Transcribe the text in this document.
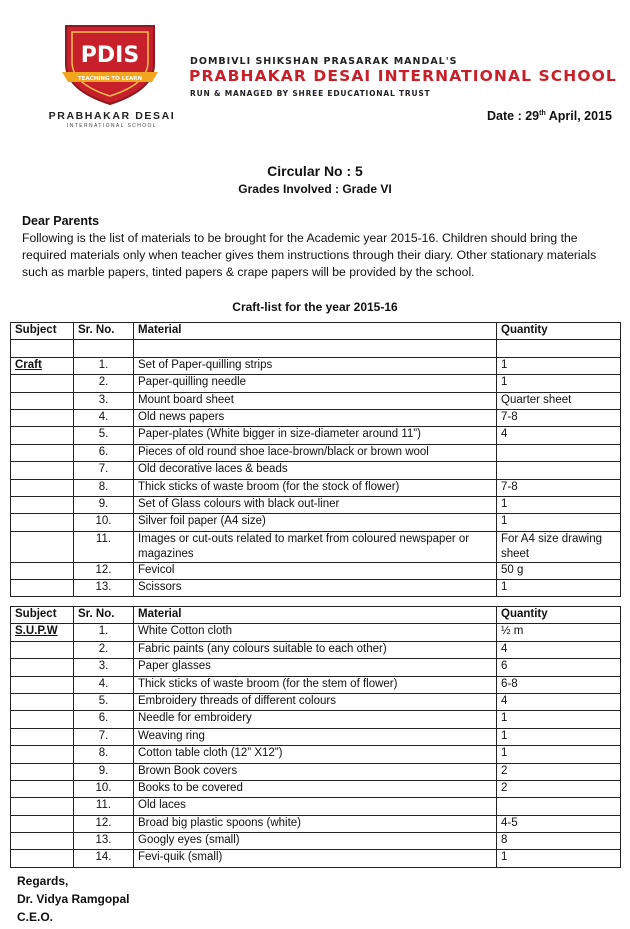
PDIS
TEACHING TO LEARN
PRABHAKAR DESAI
INTERNATIONAL SCHOOL
DOMBIVLI SHIKSHAN PRASARAK MANDAL'S
PRABHAKAR DESAI INTERNATIONAL SCHOOL
RUN & MANAGED BY SHREE EDUCATIONAL TRUST
Date : 29th April, 2015
Circular No : 5
Grades Involved : Grade VI
Dear Parents
Following is the list of materials to be brought for the Academic year 2015-16. Children should bring the required materials only when teacher gives them instructions through their diary. Other stationary materials such as marble papers, tinted papers & crape papers will be provided by the school.
Craft-list for the year 2015-16
Subject	Sr. No.	Material	Quantity

Craft	1.	Set of Paper-quilling strips	1
	2.	Paper-quilling needle	1
	3.	Mount board sheet	Quarter sheet
	4.	Old news papers	7-8
	5.	Paper-plates (White bigger in size-diameter around 11”)	4
	6.	Pieces of old round shoe lace-brown/black or brown wool	
	7.	Old decorative laces & beads	
	8.	Thick sticks of waste broom (for the stock of flower)	7-8
	9.	Set of Glass colours with black out-liner	1
	10.	Silver foil paper (A4 size)	1
	11.	Images or cut-outs related to market from coloured newspaper or magazines	For A4 size drawing sheet
	12.	Fevicol	50 g
	13.	Scissors	1
Subject	Sr. No.	Material	Quantity
S.U.P.W	1.	White Cotton cloth	½ m
	2.	Fabric paints (any colours suitable to each other)	4
	3.	Paper glasses	6
	4.	Thick sticks of waste broom (for the stem of flower)	6-8
	5.	Embroidery threads of different colours	4
	6.	Needle for embroidery	1
	7.	Weaving ring	1
	8.	Cotton table cloth (12” X12”)	1
	9.	Brown Book covers	2
	10.	Books to be covered	2
	11.	Old laces	
	12.	Broad big plastic spoons (white)	4-5
	13.	Googly eyes (small)	8
	14.	Fevi-quik (small)	1
Regards,
Dr. Vidya Ramgopal
C.E.O.
